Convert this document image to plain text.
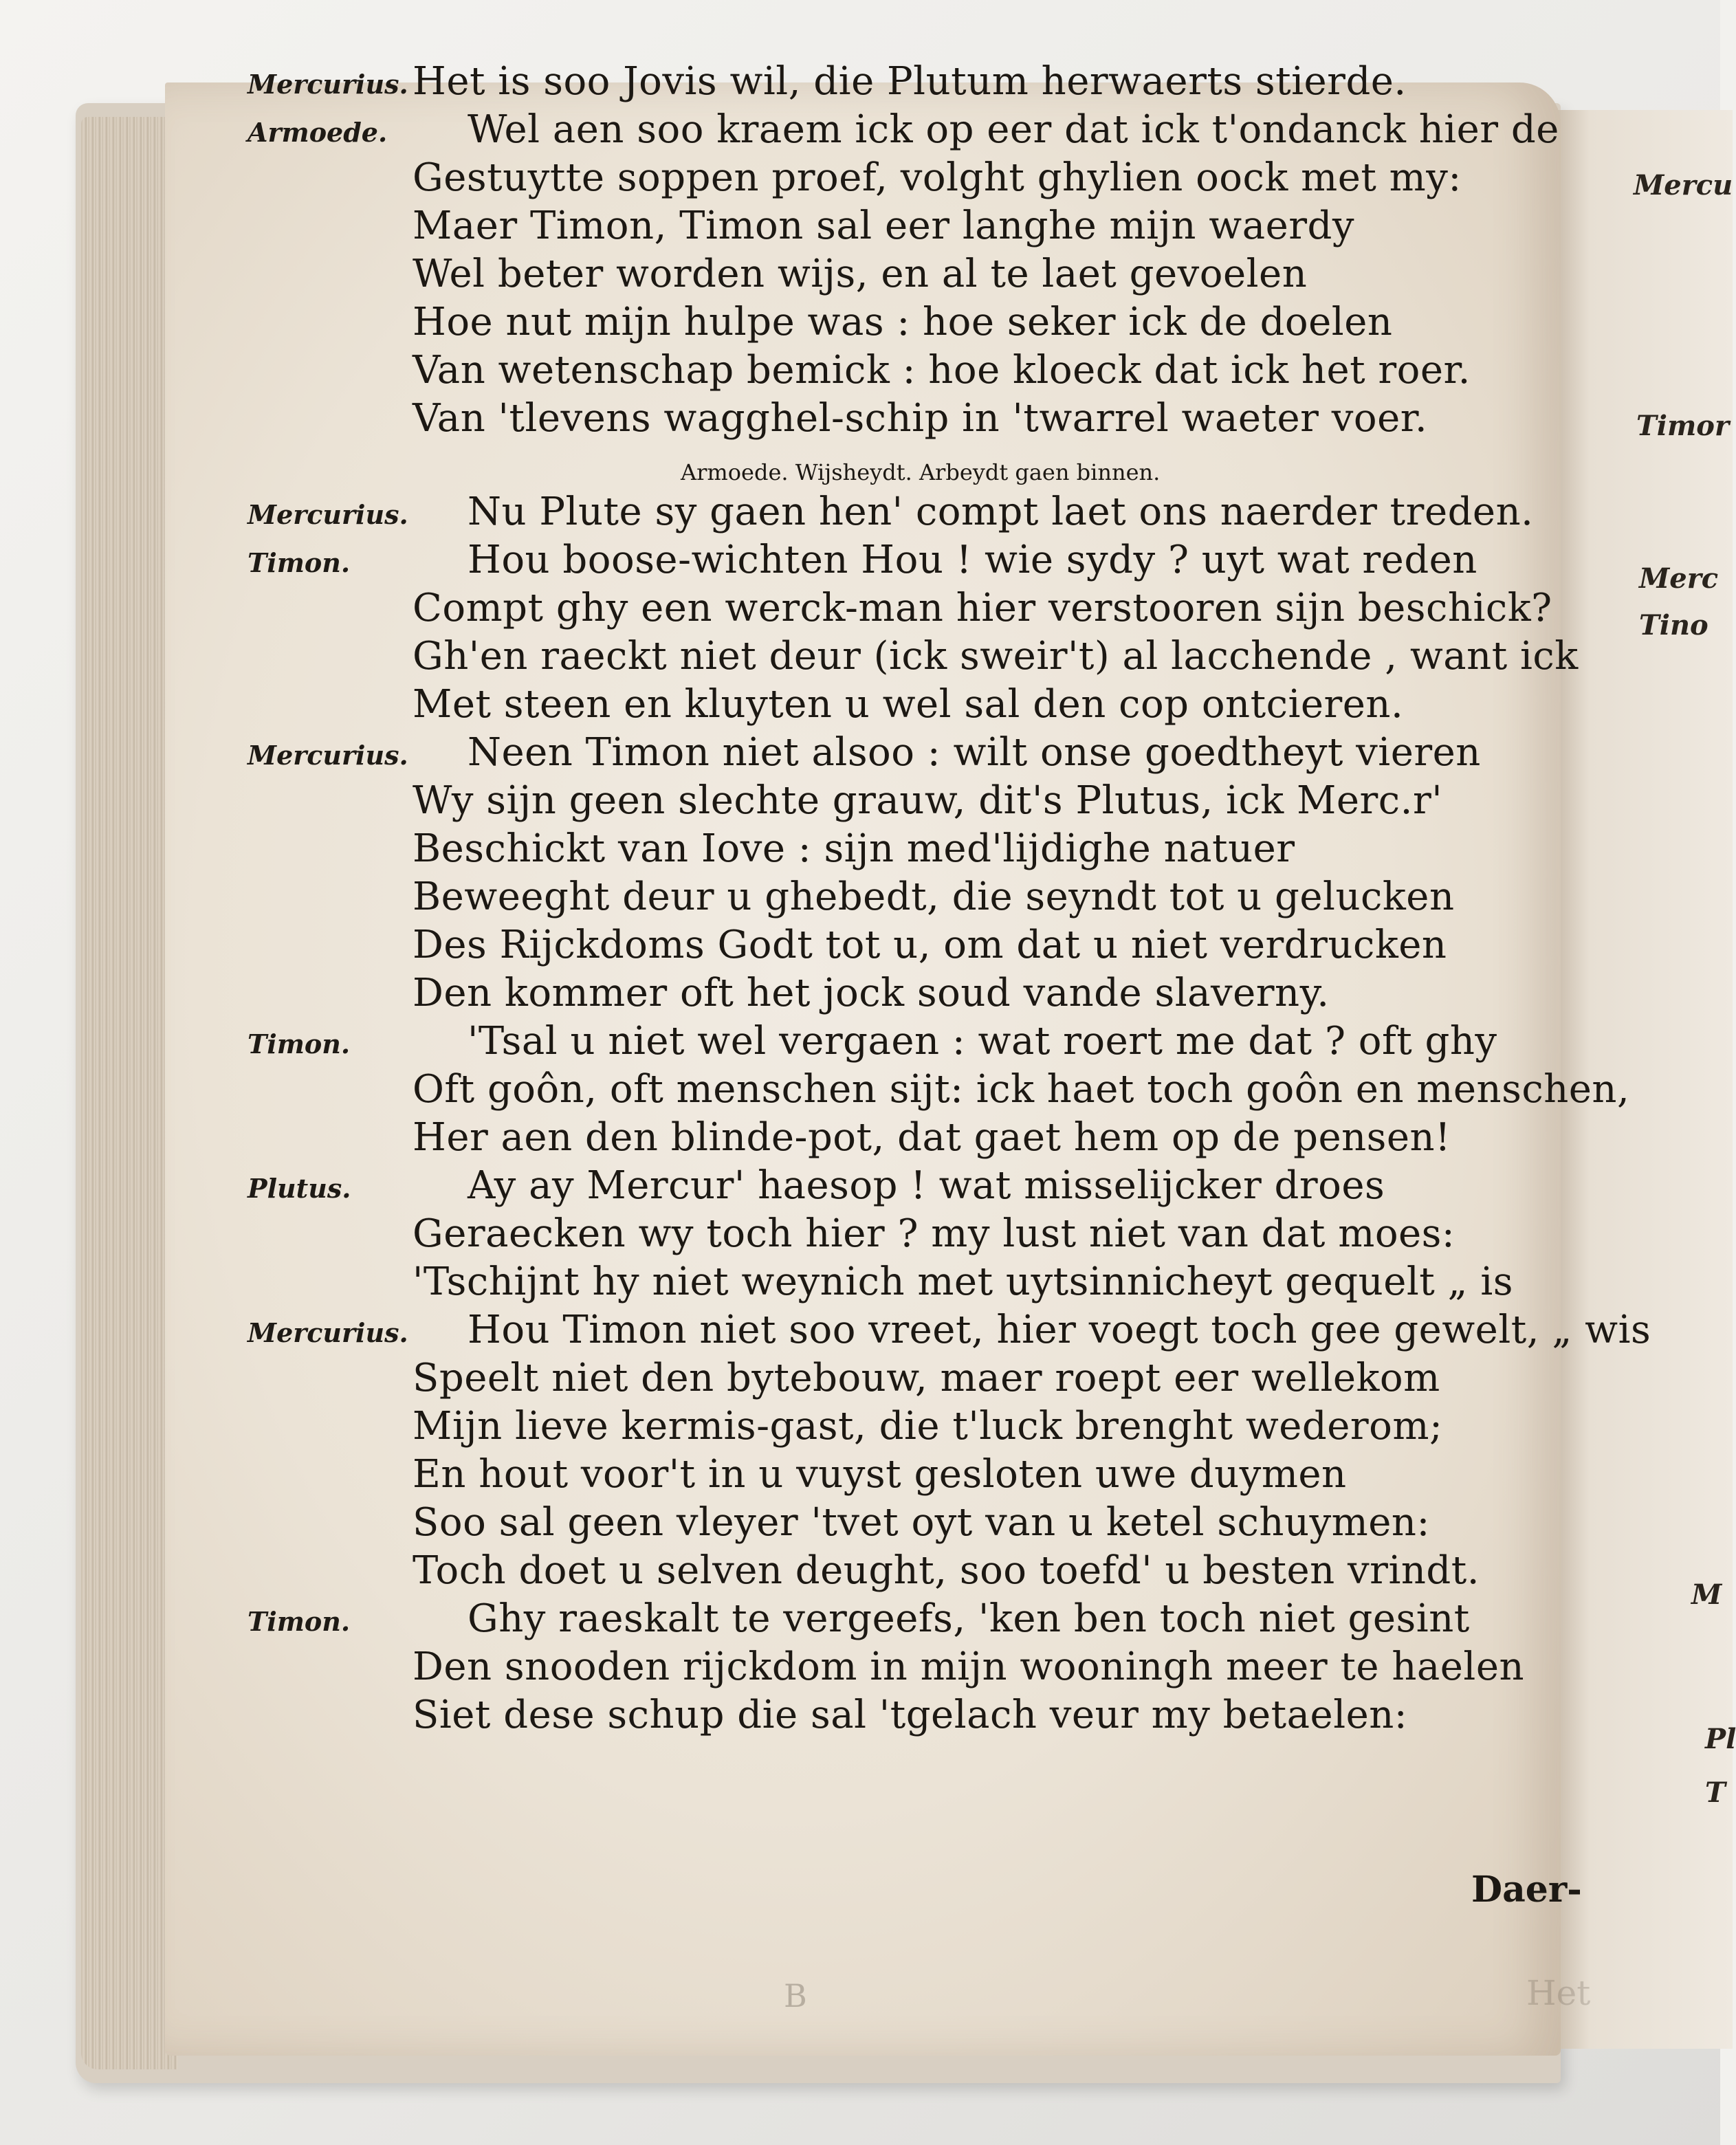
Mercu
Timor
Merc
Tino
M
Pl
T
Mercurius. Het is soo Jovis wil, die Plutum herwaerts stierde.
Armoede. Wel aen soo kraem ick op eer dat ick t'ondanck hier de
Gestuytte soppen proef, volght ghylien oock met my:
Maer Timon, Timon sal eer langhe mijn waerdy
Wel beter worden wijs, en al te laet gevoelen
Hoe nut mijn hulpe was : hoe seker ick de doelen
Van wetenschap bemick : hoe kloeck dat ick het roer.
Van 'tlevens wagghel-schip in 'twarrel waeter voer.
Mercurius. Nu Plute sy gaen hen' compt laet ons naerder treden.
Timon.	Hou boose-wichten Hou ! wie sydy ? uyt wat reden
Compt ghy een werck-man hier verstooren sijn beschick?
Gh'en raeckt niet deur (ick sweir't) al lacchende , want ick
Met steen en kluyten u wel sal den cop ontcieren.
Mercurius. Neen Timon niet alsoo : wilt onse goedtheyt vieren
Wy sijn geen slechte grauw, dit's Plutus, ick Merc.r'
Beschickt van Iove : sijn med'lijdighe natuer
Beweeght deur u ghebedt, die seyndt tot u gelucken
Des Rijckdoms Godt tot u, om dat u niet verdrucken
Den kommer oft het jock soud vande slaverny.
Timon.	'Tsal u niet wel vergaen : wat roert me dat ? oft ghy
Oft goôn, oft menschen sijt: ick haet toch goôn en menschen,
Her aen den blinde-pot, dat gaet hem op de pensen!
Plutus.	Ay ay Mercur' haesop ! wat misselijcker droes
Geraecken wy toch hier ? my lust niet van dat moes:
'Tschijnt hy niet weynich met uytsinnicheyt gequelt „ is
Mercurius. Hou Timon niet soo vreet, hier voegt toch gee gewelt, „ wis
Speelt niet den bytebouw, maer roept eer wellekom
Mijn lieve kermis-gast, die t'luck brenght wederom;
En hout voor't in u vuyst gesloten uwe duymen
Soo sal geen vleyer 'tvet oyt van u ketel schuymen:
Toch doet u selven deught, soo toefd' u besten vrindt.
Timon.	Ghy raeskalt te vergeefs, 'ken ben toch niet gesint
Den snooden rijckdom in mijn wooningh meer te haelen
Siet dese schup die sal 'tgelach veur my betaelen:
Armoede. Wijsheydt. Arbeydt gaen binnen.
Daer-
B	Het
